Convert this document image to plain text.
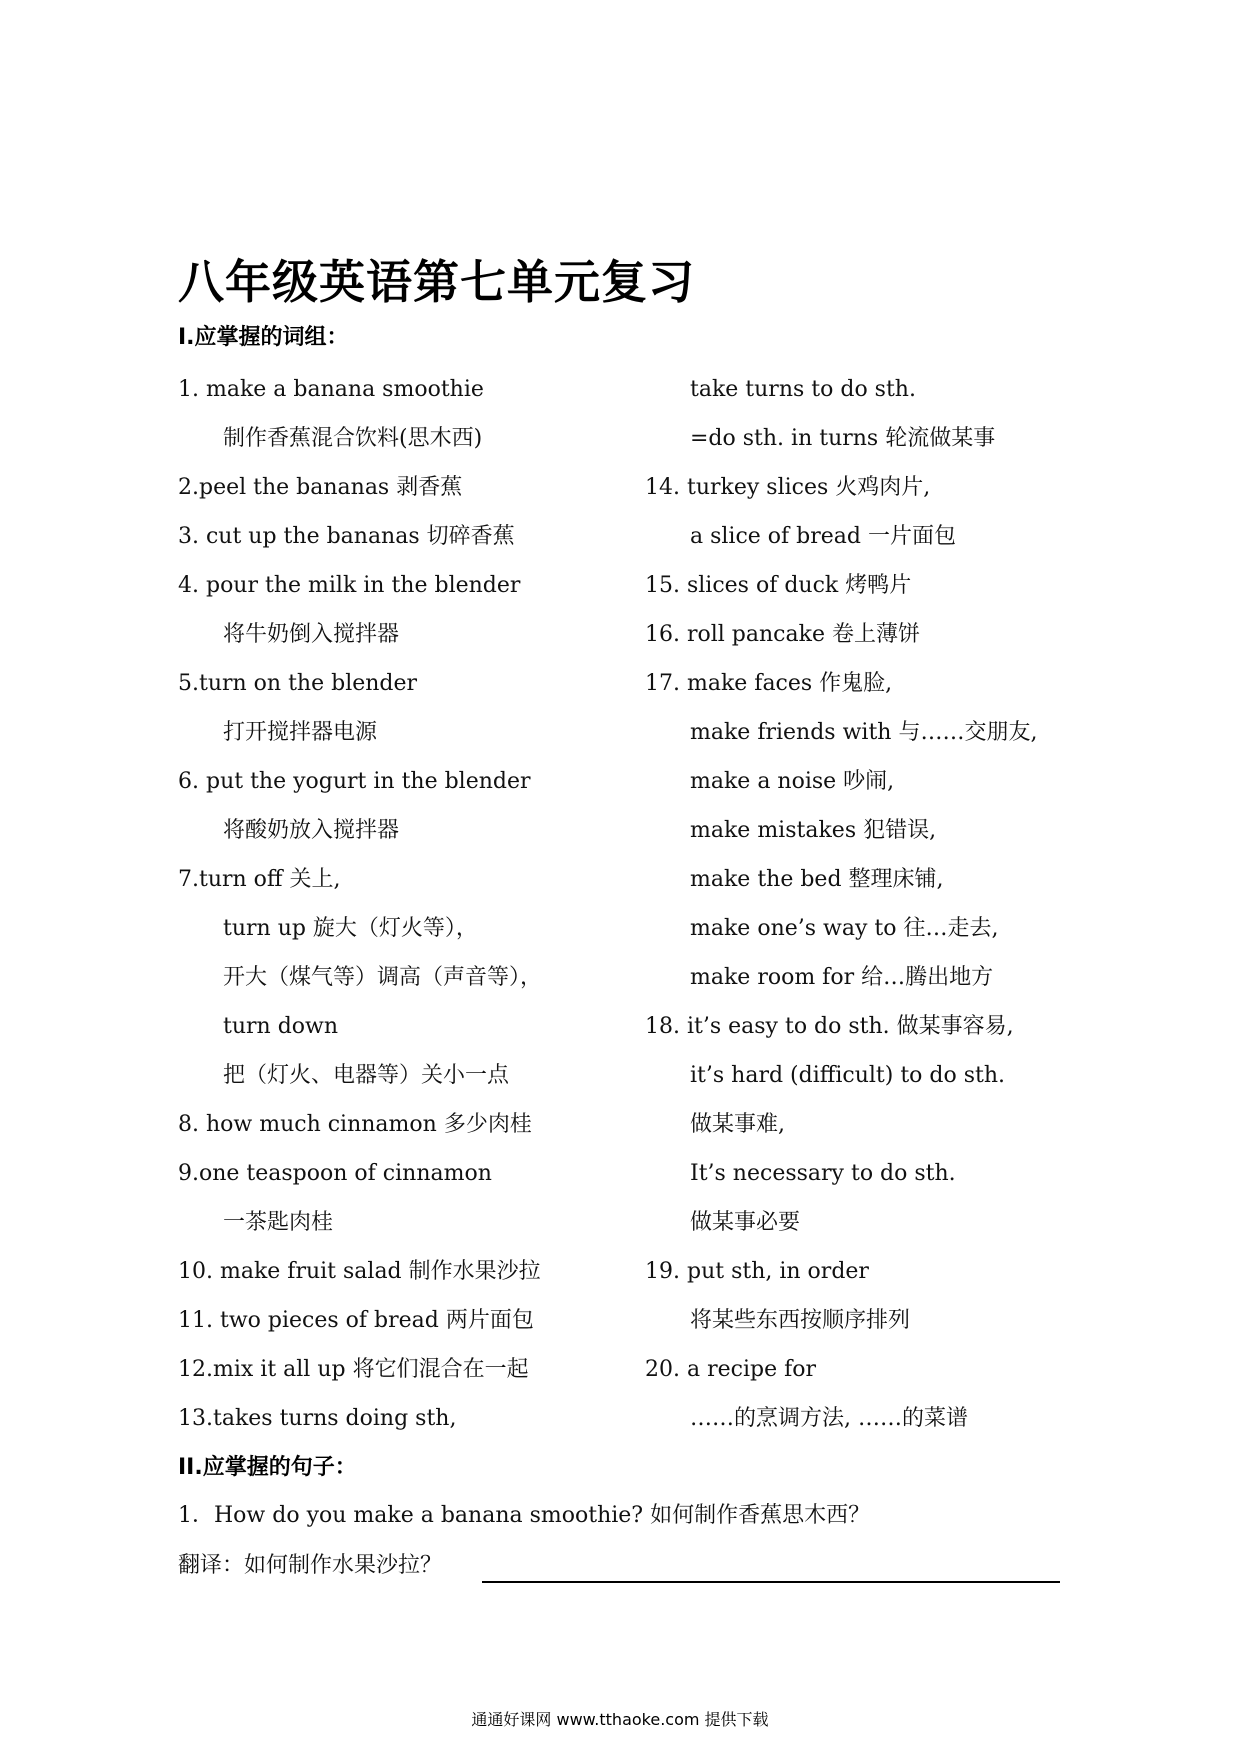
八年级英语第七单元复习
I.应掌握的词组：
1. make a banana smoothie
制作香蕉混合饮料(思木西)
2.peel the bananas 剥香蕉
3. cut up the bananas 切碎香蕉
4. pour the milk in the blender
将牛奶倒入搅拌器
5.turn on the blender
打开搅拌器电源
6. put the yogurt in the blender
将酸奶放入搅拌器
7.turn off 关上,
turn up 旋大（灯火等），
开大（煤气等）调高（声音等），
turn down
把（灯火、电器等）关小一点
8. how much cinnamon 多少肉桂
9.one teaspoon of cinnamon
一茶匙肉桂
10. make fruit salad 制作水果沙拉
11. two pieces of bread 两片面包
12.mix it all up 将它们混合在一起
13.takes turns doing sth,
take turns to do sth.
=do sth. in turns 轮流做某事
14. turkey slices 火鸡肉片,
a slice of bread 一片面包
15. slices of duck 烤鸭片
16. roll pancake 卷上薄饼
17. make faces 作鬼脸,
make friends with 与……交朋友,
make a noise 吵闹,
make mistakes 犯错误,
make the bed 整理床铺,
make one’s way to 往…走去,
make room for 给…腾出地方
18. it’s easy to do sth. 做某事容易,
it’s hard (difficult) to do sth.
做某事难,
It’s necessary to do sth.
做某事必要
19. put sth, in order
将某些东西按顺序排列
20. a recipe for
……的烹调方法, ……的菜谱
II.应掌握的句子：
1．How do you make a banana smoothie? 如何制作香蕉思木西？
翻译：如何制作水果沙拉？
通通好课网 www.tthaoke.com 提供下载
